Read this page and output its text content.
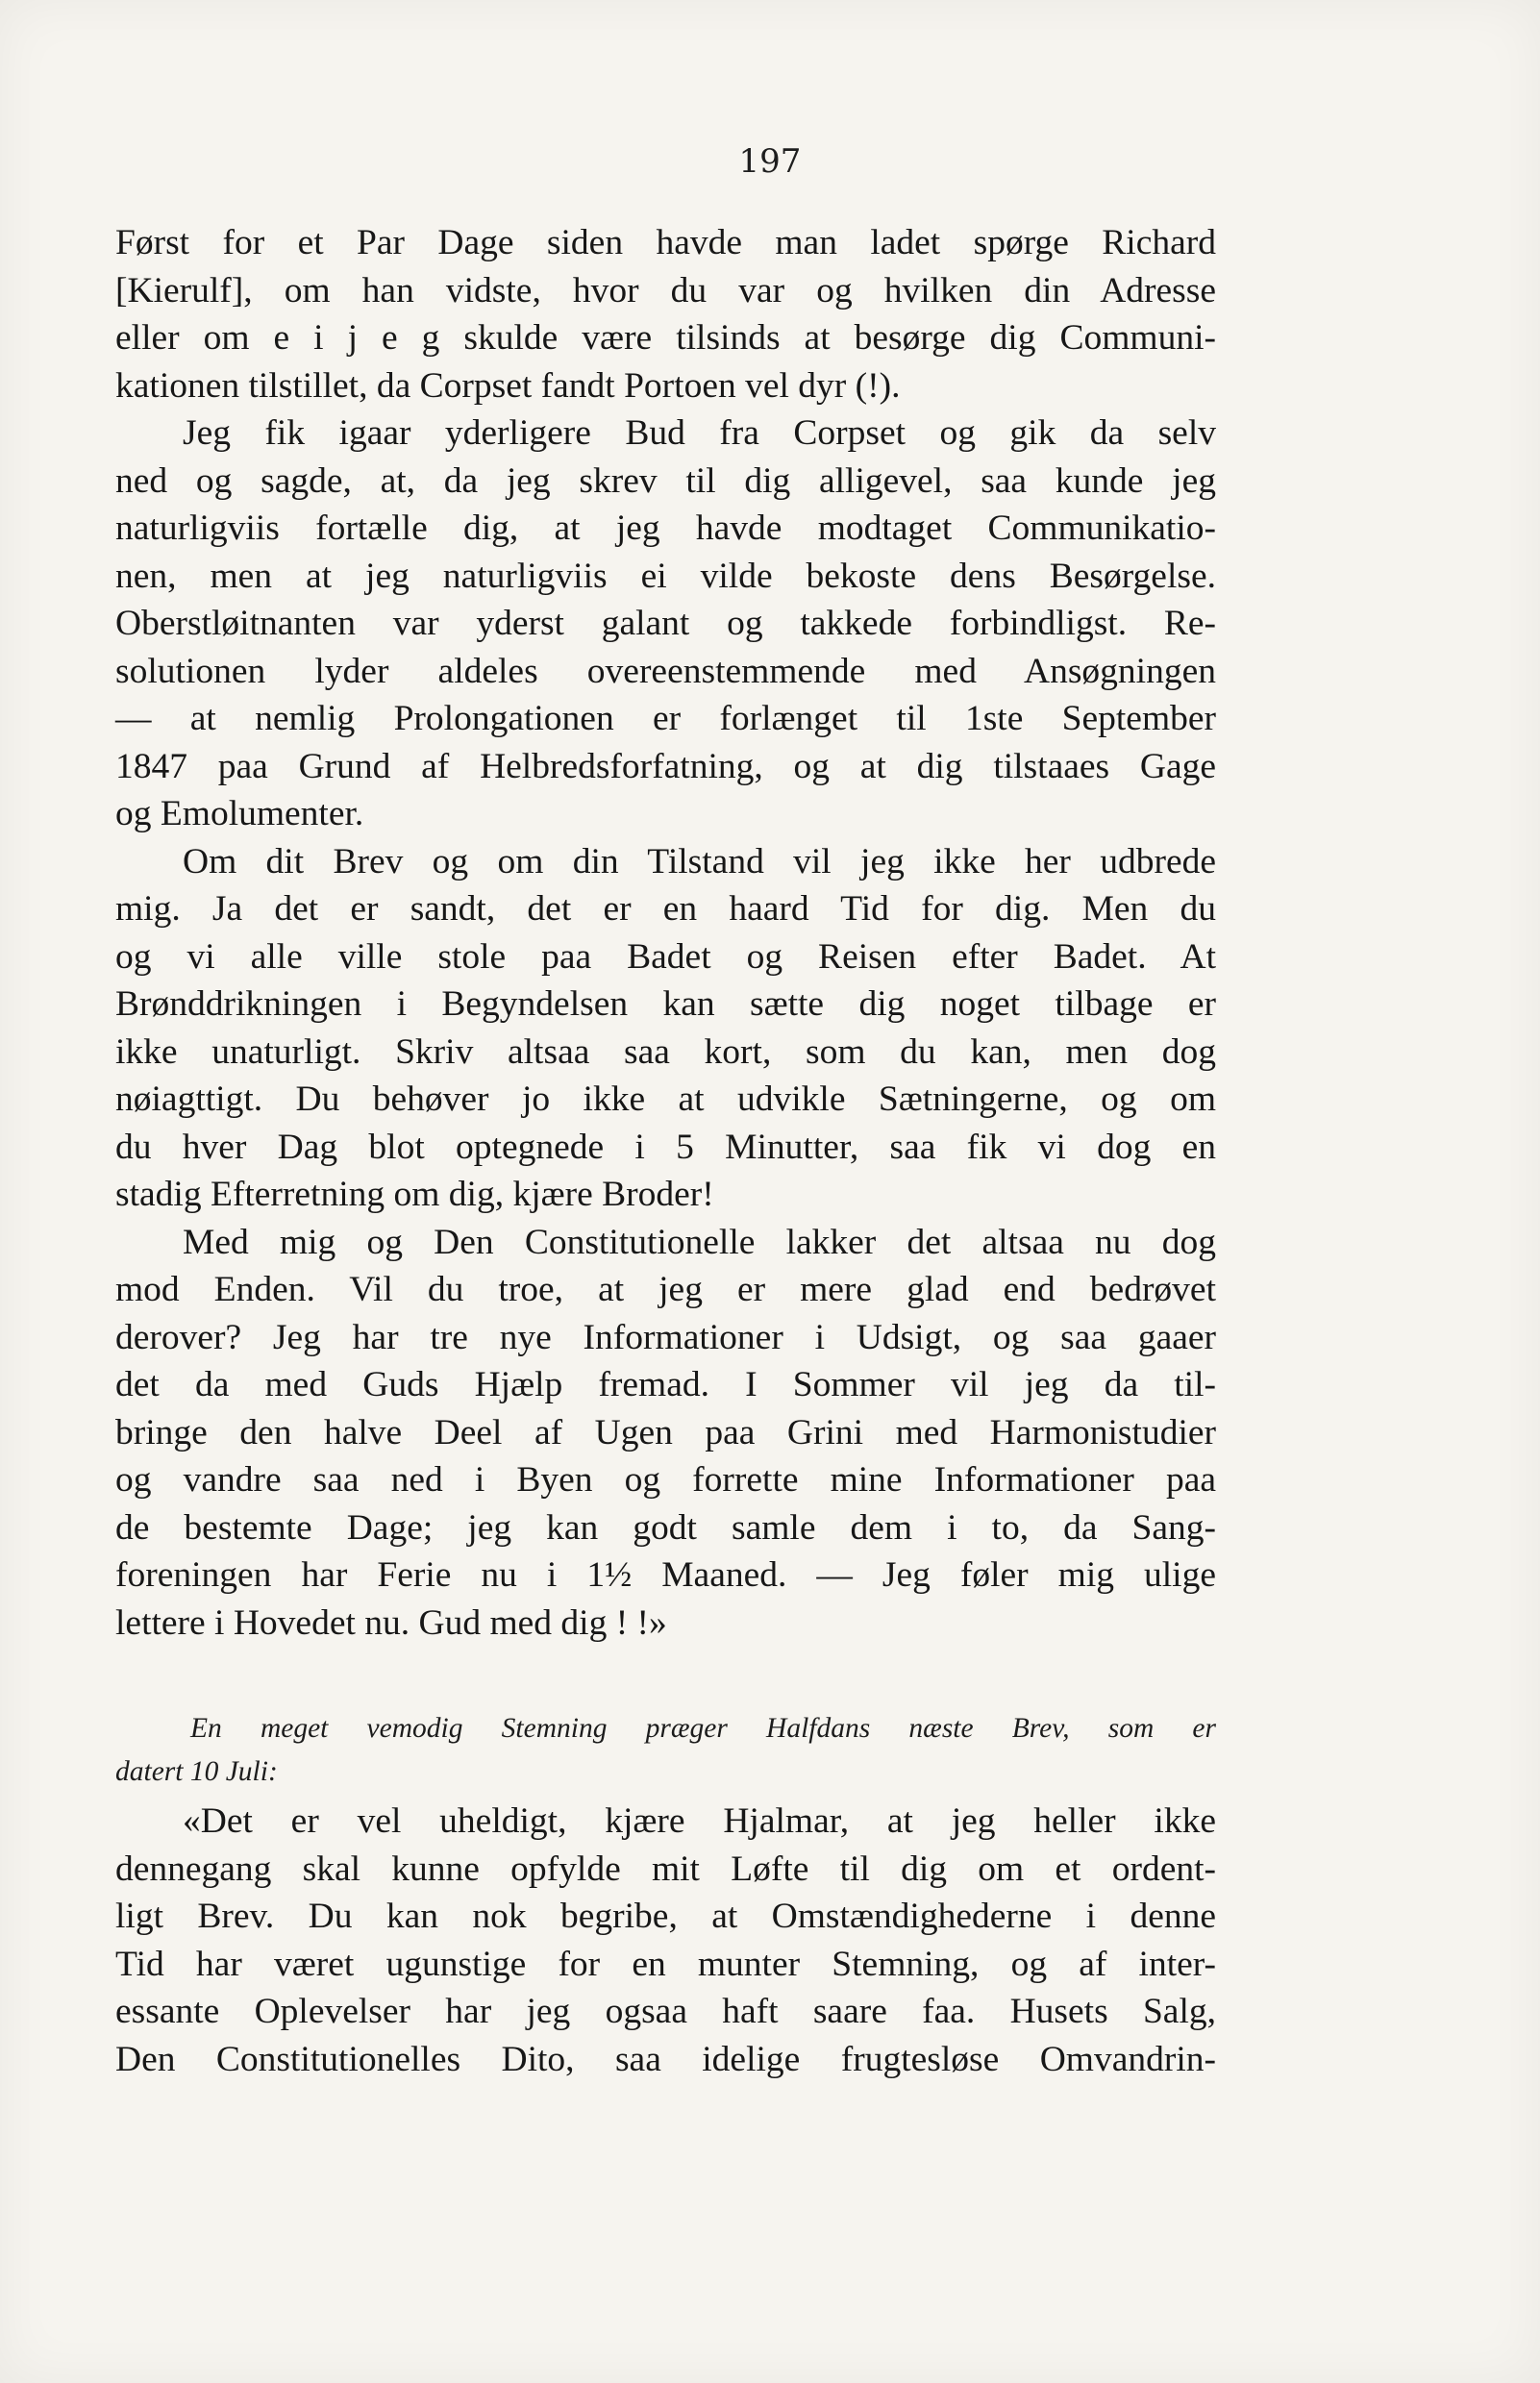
197
Først for et Par Dage siden havde man ladet spørge Richard
[Kierulf], om han vidste, hvor du var og hvilken din Adresse
eller om e i j e g skulde være tilsinds at besørge dig Communi-
kationen tilstillet, da Corpset fandt Portoen vel dyr (!).
Jeg fik igaar yderligere Bud fra Corpset og gik da selv
ned og sagde, at, da jeg skrev til dig alligevel, saa kunde jeg
naturligviis fortælle dig, at jeg havde modtaget Communikatio-
nen, men at jeg naturligviis ei vilde bekoste dens Besørgelse.
Oberstløitnanten var yderst galant og takkede forbindligst. Re-
solutionen lyder aldeles overeenstemmende med Ansøgningen
— at nemlig Prolongationen er forlænget til 1ste September
1847 paa Grund af Helbredsforfatning, og at dig tilstaaes Gage
og Emolumenter.
Om dit Brev og om din Tilstand vil jeg ikke her udbrede
mig. Ja det er sandt, det er en haard Tid for dig. Men du
og vi alle ville stole paa Badet og Reisen efter Badet. At
Brønddrikningen i Begyndelsen kan sætte dig noget tilbage er
ikke unaturligt. Skriv altsaa saa kort, som du kan, men dog
nøiagttigt. Du behøver jo ikke at udvikle Sætningerne, og om
du hver Dag blot optegnede i 5 Minutter, saa fik vi dog en
stadig Efterretning om dig, kjære Broder!
Med mig og Den Constitutionelle lakker det altsaa nu dog
mod Enden. Vil du troe, at jeg er mere glad end bedrøvet
derover? Jeg har tre nye Informationer i Udsigt, og saa gaaer
det da med Guds Hjælp fremad. I Sommer vil jeg da til-
bringe den halve Deel af Ugen paa Grini med Harmonistudier
og vandre saa ned i Byen og forrette mine Informationer paa
de bestemte Dage; jeg kan godt samle dem i to, da Sang-
foreningen har Ferie nu i 1½ Maaned. — Jeg føler mig ulige
lettere i Hovedet nu. Gud med dig ! !»
En meget vemodig Stemning præger Halfdans næste Brev, som er
datert 10 Juli:
«Det er vel uheldigt, kjære Hjalmar, at jeg heller ikke
dennegang skal kunne opfylde mit Løfte til dig om et ordent-
ligt Brev. Du kan nok begribe, at Omstændighederne i denne
Tid har været ugunstige for en munter Stemning, og af inter-
essante Oplevelser har jeg ogsaa haft saare faa. Husets Salg,
Den Constitutionelles Dito, saa idelige frugtesløse Omvandrin-
